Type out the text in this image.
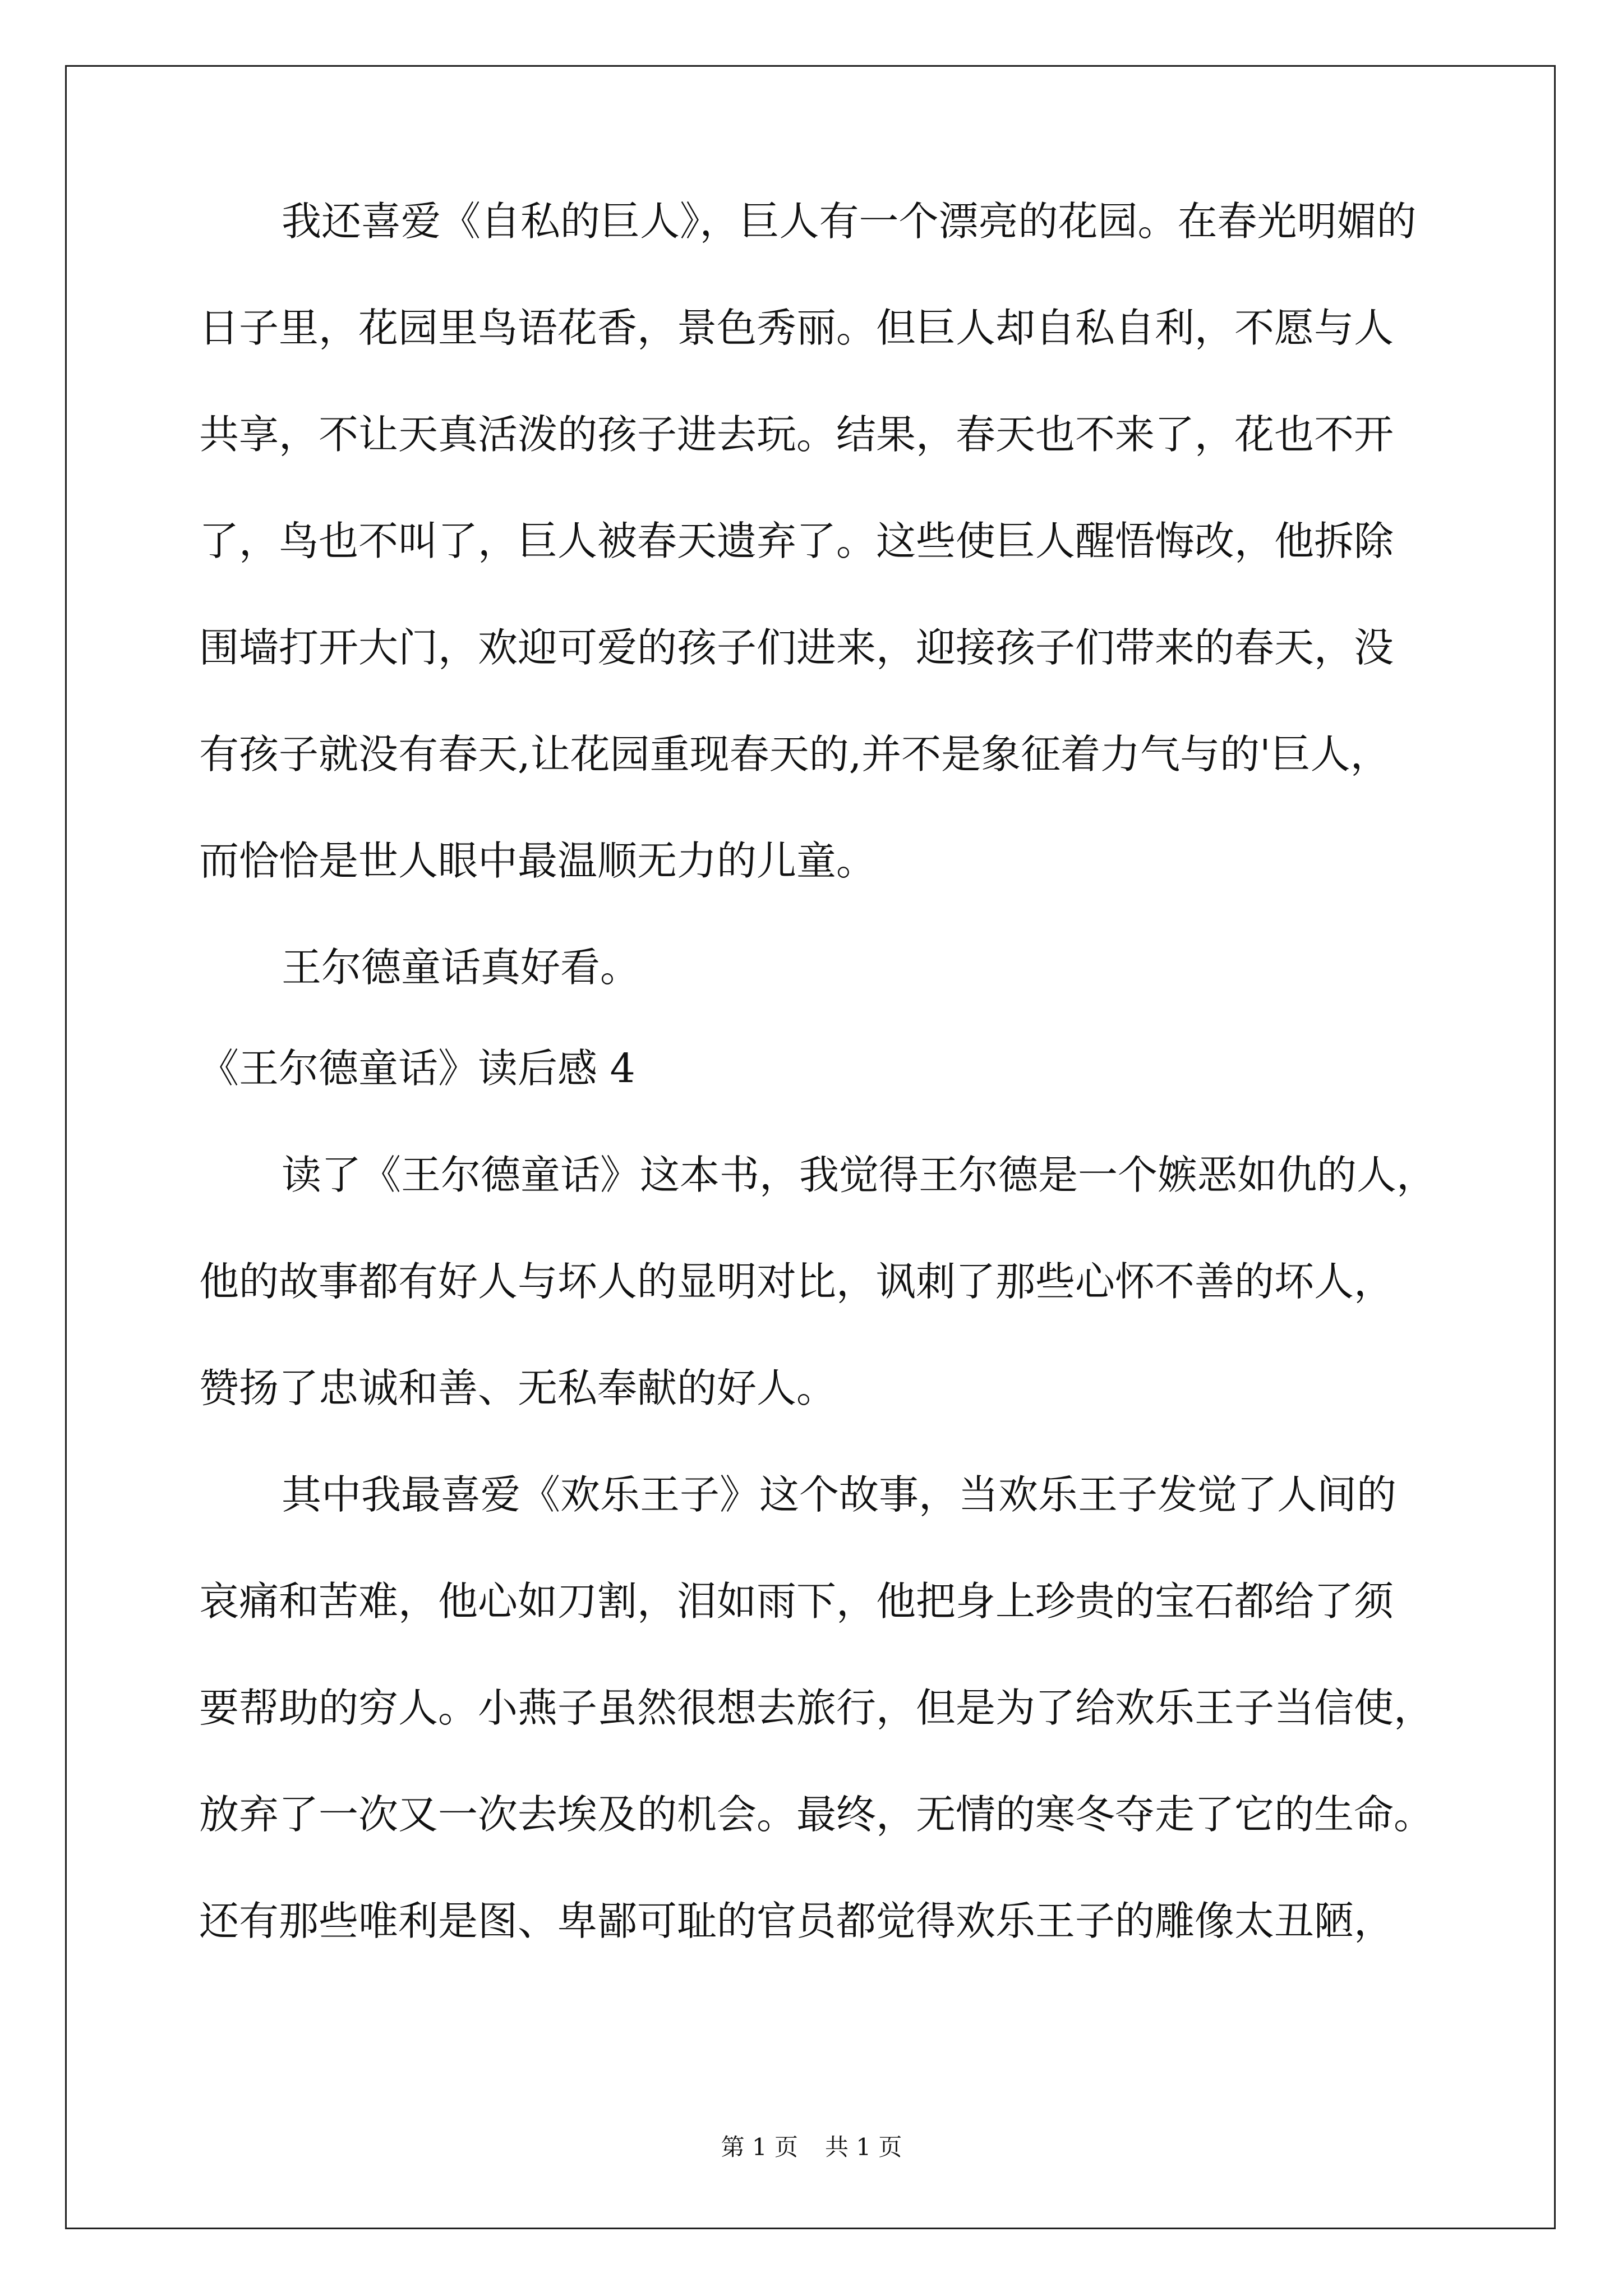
我还喜爱《自私的巨人》，巨人有一个漂亮的花园。在春光明媚的
日子里，花园里鸟语花香，景色秀丽。但巨人却自私自利，不愿与人
共享，不让天真活泼的孩子进去玩。结果，春天也不来了，花也不开
了，鸟也不叫了，巨人被春天遗弃了。这些使巨人醒悟悔改，他拆除
围墙打开大门，欢迎可爱的孩子们进来，迎接孩子们带来的春天，没
有孩子就没有春天,让花园重现春天的,并不是象征着力气与的'巨人，
而恰恰是世人眼中最温顺无力的儿童。
王尔德童话真好看。
《王尔德童话》读后感 4
读了《王尔德童话》这本书，我觉得王尔德是一个嫉恶如仇的人，
他的故事都有好人与坏人的显明对比，讽刺了那些心怀不善的坏人，
赞扬了忠诚和善、无私奉献的好人。
其中我最喜爱《欢乐王子》这个故事，当欢乐王子发觉了人间的
哀痛和苦难，他心如刀割，泪如雨下，他把身上珍贵的宝石都给了须
要帮助的穷人。小燕子虽然很想去旅行，但是为了给欢乐王子当信使，
放弃了一次又一次去埃及的机会。最终，无情的寒冬夺走了它的生命。
还有那些唯利是图、卑鄙可耻的官员都觉得欢乐王子的雕像太丑陋，
第 1 页 共 1 页
